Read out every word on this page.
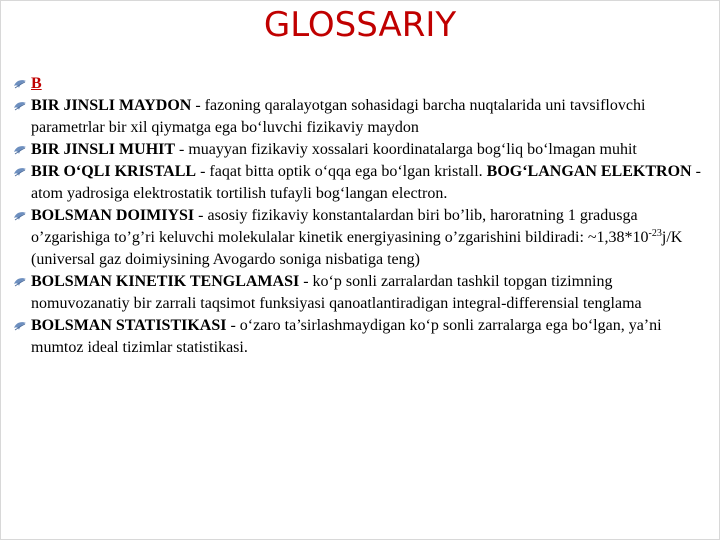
GLOSSARIY

B

BIR JINSLI MAYDON - fazoning qaralayotgan sohasidagi barcha nuqtalarida uni tavsiflovchi parametrlar bir xil qiymatga ega bo‘luvchi fizikaviy maydon

BIR JINSLI MUHIT - muayyan fizikaviy xossalari koordinatalarga bog‘liq bo‘lmagan muhit

BIR O‘QLI KRISTALL - faqat bitta optik o‘qqa ega bo‘lgan kristall. BOG‘LANGAN ELEKTRON - atom yadrosiga elektrostatik tortilish tufayli bog‘langan electron.

BOLSMAN DOIMIYSI - asosiy fizikaviy konstantalardan biri bo’lib, haroratning 1 gradusga o’zgarishiga to’g’ri keluvchi molekulalar kinetik energiyasining o’zgarishini bildiradi: $\sim 1,38*10^{-23}j/K$ (universal gaz doimiysining Avogardo soniga nisbatiga teng)

BOLSMAN KINETIK TENGLAMASI - ko‘p sonli zarralardan tashkil topgan tizimning nomuvozanatiy bir zarrali taqsimot funksiyasi qanoatlantiradigan integral-differensial tenglama

BOLSMAN STATISTIKASI - o‘zaro ta’sirlashmaydigan ko‘p sonli zarralarga ega bo‘lgan, ya’ni mumtoz ideal tizimlar statistikasi.
